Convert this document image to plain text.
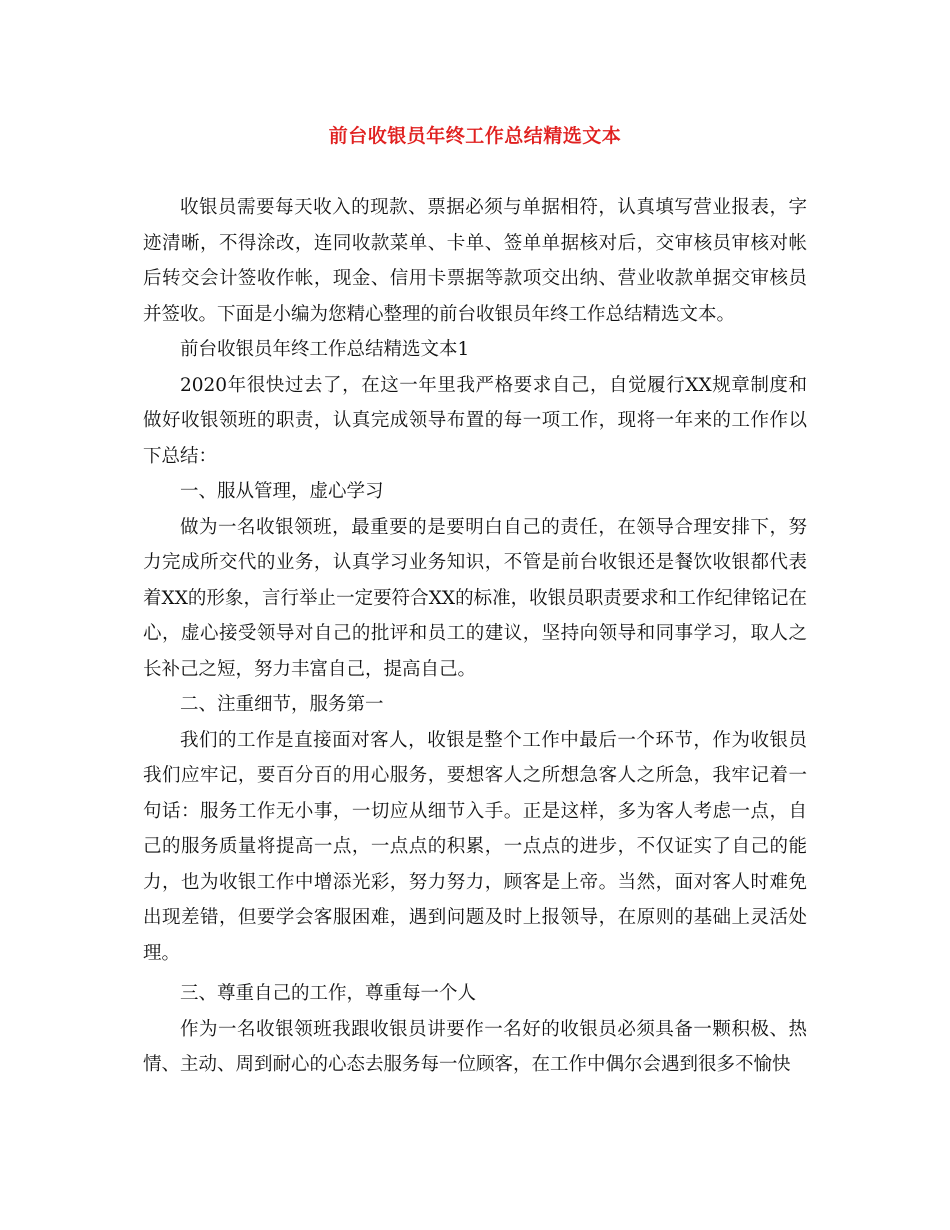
前台收银员年终工作总结精选文本

收银员需要每天收入的现款、票据必须与单据相符，认真填写营业报表，字迹清晰，不得涂改，连同收款菜单、卡单、签单单据核对后，交审核员审核对帐后转交会计签收作帐，现金、信用卡票据等款项交出纳、营业收款单据交审核员并签收。下面是小编为您精心整理的前台收银员年终工作总结精选文本。

前台收银员年终工作总结精选文本1

2020年很快过去了，在这一年里我严格要求自己，自觉履行XX规章制度和做好收银领班的职责，认真完成领导布置的每一项工作，现将一年来的工作作以下总结：

一、服从管理，虚心学习

做为一名收银领班，最重要的是要明白自己的责任，在领导合理安排下，努力完成所交代的业务，认真学习业务知识，不管是前台收银还是餐饮收银都代表着XX的形象，言行举止一定要符合XX的标准，收银员职责要求和工作纪律铭记在心，虚心接受领导对自己的批评和员工的建议，坚持向领导和同事学习，取人之长补己之短，努力丰富自己，提高自己。

二、注重细节，服务第一

我们的工作是直接面对客人，收银是整个工作中最后一个环节，作为收银员我们应牢记，要百分百的用心服务，要想客人之所想急客人之所急，我牢记着一句话：服务工作无小事，一切应从细节入手。正是这样，多为客人考虑一点，自己的服务质量将提高一点，一点点的积累，一点点的进步，不仅证实了自己的能力，也为收银工作中增添光彩，努力努力，顾客是上帝。当然，面对客人时难免出现差错，但要学会客服困难，遇到问题及时上报领导，在原则的基础上灵活处理。

三、尊重自己的工作，尊重每一个人

作为一名收银领班我跟收银员讲要作一名好的收银员必须具备一颗积极、热情、主动、周到耐心的心态去服务每一位顾客，在工作中偶尔会遇到很多不愉快
